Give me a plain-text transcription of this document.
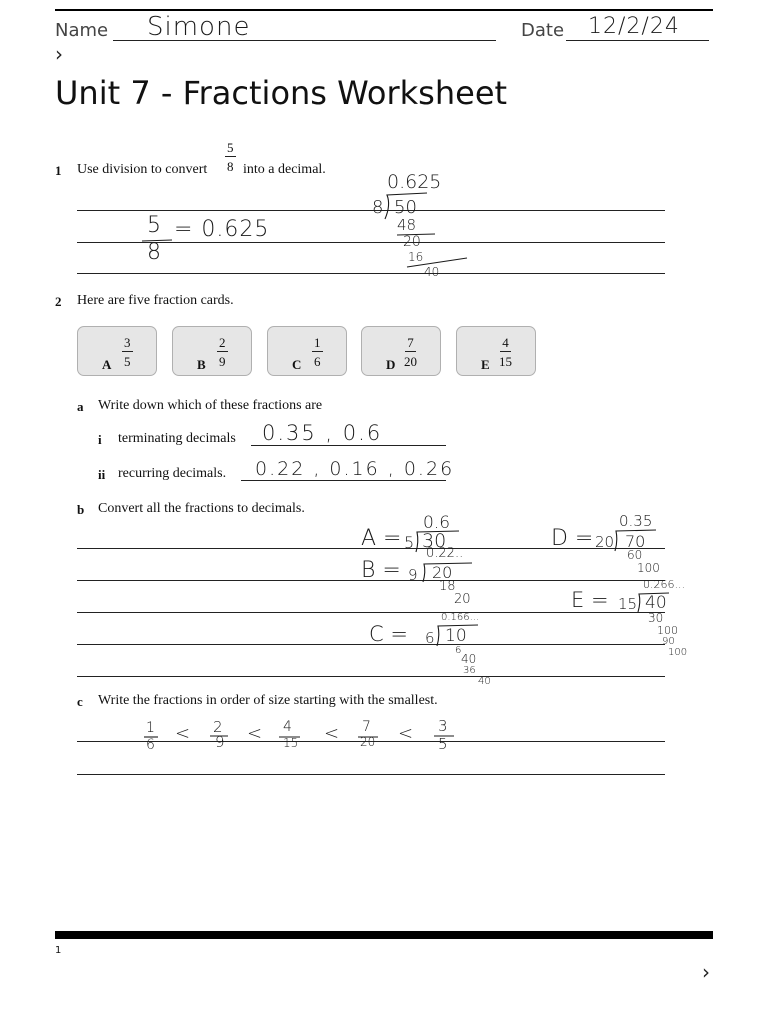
Name Simone	Date 12/2/24
›
Unit 7 - Fractions Worksheet
1 Use division to convert $\frac{5}{8}$ into a decimal.
0.625
8 50
48
20
16
40
5
8
= 0.625
2 Here are five fraction cards.
A $\frac{3}{5}$	B $\frac{2}{9}$	C $\frac{1}{6}$	D $\frac{7}{20}$	E $\frac{4}{15}$
a Write down which of these fractions are
i terminating decimals 0.35 , 0.6
ii recurring decimals. 0.2̇2̇ , 0.16 , 0.26
b Convert all the fractions to decimals.
0.6
A = 5 30
0.22..
B = 9 20
18
20
0.166...
C = 6 10
6
40
36
40
0.35
D = 20 70
60
100
0.266...
E = 15 40
30
100
90
100
c Write the fractions in order of size starting with the smallest.
1
6
< 2
9 < 4
15 < 7
20 < 3
5
1
›
